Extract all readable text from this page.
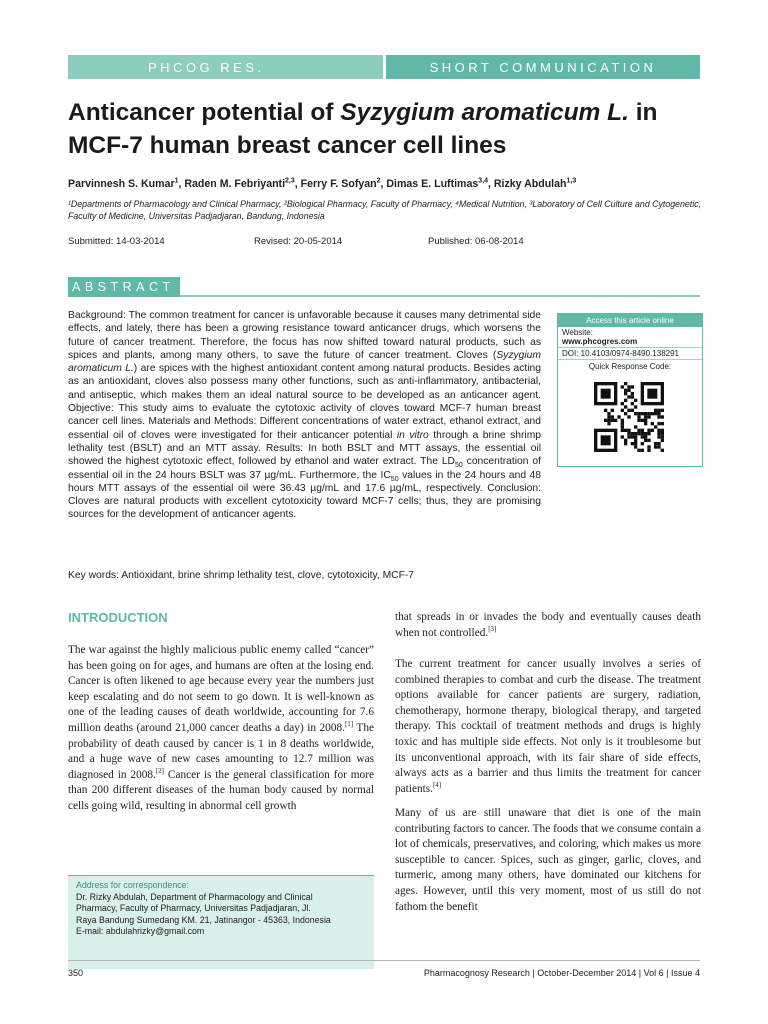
PHCOG RES.	SHORT COMMUNICATION
Anticancer potential of Syzygium aromaticum L. in MCF-7 human breast cancer cell lines
Parvinnesh S. Kumar$^1$, Raden M. Febriyanti$^{2,3}$, Ferry F. Sofyan$^2$, Dimas E. Luftimas$^{3,4}$, Rizky Abdulah$^{1,3}$
¹Departments of Pharmacology and Clinical Pharmacy, ²Biological Pharmacy, Faculty of Pharmacy, ⁴Medical Nutrition, ³Laboratory of Cell Culture and Cytogenetic, Faculty of Medicine, Universitas Padjadjaran, Bandung, Indonesia
Submitted: 14-03-2014	Revised: 20-05-2014	Published: 06-08-2014
ABSTRACT
Background: The common treatment for cancer is unfavorable because it causes many detrimental side effects, and lately, there has been a growing resistance toward anticancer drugs, which worsens the future of cancer treatment. Therefore, the focus has now shifted toward natural products, such as spices and plants, among many others, to save the future of cancer treatment. Cloves (Syzygium aromaticum L.) are spices with the highest antioxidant content among natural products. Besides acting as an antioxidant, cloves also possess many other functions, such as anti-inflammatory, antibacterial, and antiseptic, which makes them an ideal natural source to be developed as an anticancer agent. Objective: This study aims to evaluate the cytotoxic activity of cloves toward MCF-7 human breast cancer cell lines. Materials and Methods: Different concentrations of water extract, ethanol extract, and essential oil of cloves were investigated for their anticancer potential in vitro through a brine shrimp lethality test (BSLT) and an MTT assay. Results: In both BSLT and MTT assays, the essential oil showed the highest cytotoxic effect, followed by ethanol and water extract. The $LD_{50}$ concentration of essential oil in the 24 hours BSLT was 37 µg/mL. Furthermore, the $IC_{50}$ values in the 24 hours and 48 hours MTT assays of the essential oil were 36.43 µg/mL and 17.6 µg/mL, respectively. Conclusion: Cloves are natural products with excellent cytotoxicity toward MCF-7 cells; thus, they are promising sources for the development of anticancer agents.
Access this article online
Website:
www.phcogres.com
DOI: 10.4103/0974-8490.138291
Quick Response Code:
Key words: Antioxidant, brine shrimp lethality test, clove, cytotoxicity, MCF-7
INTRODUCTION

The war against the highly malicious public enemy called “cancer” has been going on for ages, and humans are often at the losing end. Cancer is often likened to age because every year the numbers just keep escalating and do not seem to go down. It is well-known as one of the leading causes of death worldwide, accounting for 7.6 million deaths (around 21,000 cancer deaths a day) in 2008.[1] The probability of death caused by cancer is 1 in 8 deaths worldwide, and a huge wave of new cases amounting to 12.7 million was diagnosed in 2008.[2] Cancer is the general classification for more than 200 different diseases of the human body caused by normal cells going wild, resulting in abnormal cell growth

that spreads in or invades the body and eventually causes death when not controlled.[3]

The current treatment for cancer usually involves a series of combined therapies to combat and curb the disease. The treatment options available for cancer patients are surgery, radiation, chemotherapy, hormone therapy, biological therapy, and targeted therapy. This cocktail of treatment methods and drugs is highly toxic and has multiple side effects. Not only is it troublesome but its unconventional approach, with its fair share of side effects, always acts as a barrier and thus limits the treatment for cancer patients.[4]

Many of us are still unaware that diet is one of the main contributing factors to cancer. The foods that we consume contain a lot of chemicals, preservatives, and coloring, which makes us more susceptible to cancer. Spices, such as ginger, garlic, cloves, and turmeric, among many others, have dominated our kitchens for ages. However, until this very moment, most of us still do not fathom the benefit

Address for correspondence:
Dr. Rizky Abdulah, Department of Pharmacology and Clinical
Pharmacy, Faculty of Pharmacy, Universitas Padjadjaran, Jl.
Raya Bandung Sumedang KM. 21, Jatinangor - 45363, Indonesia
E-mail: abdulahrizky@gmail.com
350	Pharmacognosy Research | October-December 2014 | Vol 6 | Issue 4
